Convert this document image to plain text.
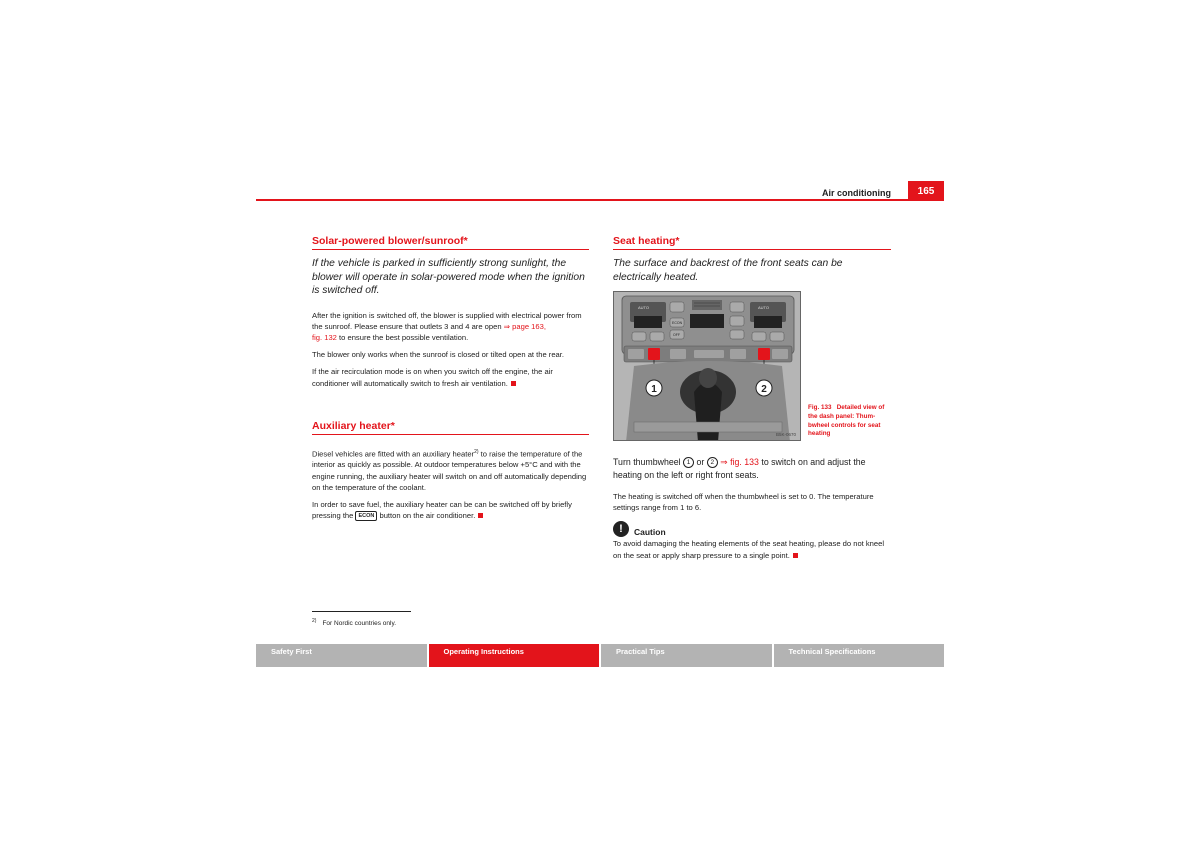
Air conditioning	165
Solar-powered blower/sunroof*
If the vehicle is parked in sufficiently strong sunlight, the blower will operate in solar-powered mode when the ignition is switched off.

After the ignition is switched off, the blower is supplied with electrical power from the sunroof. Please ensure that outlets 3 and 4 are open ⇒ page 163,
fig. 132 to ensure the best possible ventilation.

The blower only works when the sunroof is closed or tilted open at the rear.

If the air recirculation mode is on when you switch off the engine, the air conditioner will automatically switch to fresh air ventilation.

Auxiliary heater*

Diesel vehicles are fitted with an auxiliary heater$^{2)}$ to raise the temperature of the interior as quickly as possible. At outdoor temperatures below +5°C and with the engine running, the auxiliary heater will switch on and off automatically depending on the temperature of the coolant.

In order to save fuel, the auxiliary heater can be can be switched off by briefly pressing the ECON button on the air conditioner.

Seat heating*
The surface and backrest of the front seats can be electrically heated.
AUTO	AUTO
ECON
OFF
1	2
B5K-0670
Fig. 133 Detailed view of the dash panel: Thumbwheel controls for seat heating
Turn thumbwheel 1 or 2 ⇒ fig. 133 to switch on and adjust the heating on the left or right front seats.

The heating is switched off when the thumbwheel is set to 0. The temperature settings range from 1 to 6.

!	Caution

To avoid damaging the heating elements of the seat heating, please do not kneel on the seat or apply sharp pressure to a single point.

$^{2)}$ For Nordic countries only.
Safety First	Operating Instructions	Practical Tips	Technical Specifications
